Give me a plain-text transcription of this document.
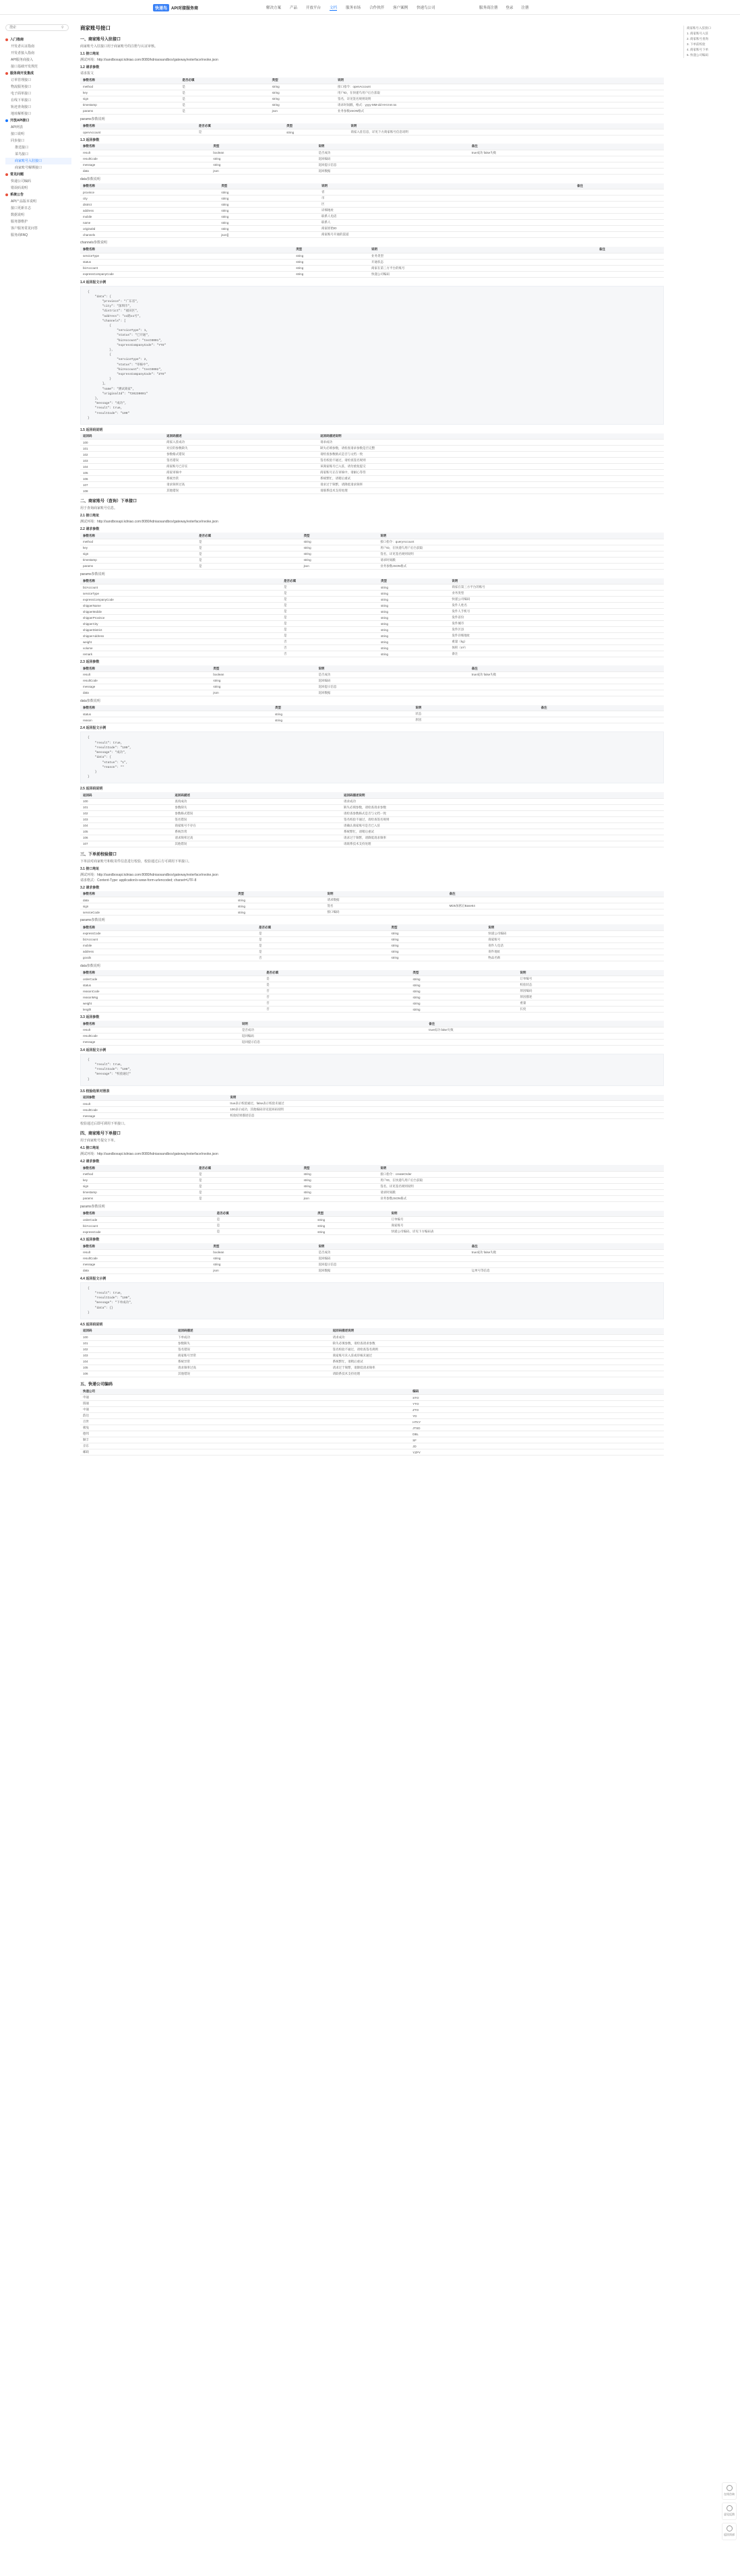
快递鸟	API对接服务商	解决方案 产品 开放平台 文档 服务市场 合作伙伴 客户案例 快递鸟公司	服务商注册 登录 注册
搜索
⚲
入门指南
开发者认证指南
开发者接入指南
API服务商接入
接口基础开发规范
服务商开发集成
订单管理接口
物流服务接口
电子面单接口
在线下单接口
轨迹查询接口
地址解析接口
开放API接口
API列表
接口说明
同步接口
推送接口
菜鸟接口
商家账号入驻接口
商家账号解绑接口
常见问题
快递公司编码
错误码说明
系统公告
API产品版本说明
接口更新日志
数据说明
服务器维护
客户服务常见问答
服务商FAQ
商家账号接口
一、商家账号入驻接口
商家账号入驻接口用于商家账号的注册与认证审核。
1.1 接口地址
测试环境：http://sandboxapi.kdniao.com:8080/kdniaosandbox/gateway/exterfaceInvoke.json
1.2 请求参数
请求报文
参数名称	是否必填	类型	说明
method	是	string	接口指令：openAccount
key	是	string	用户ID，在快递鸟用户后台获取
sign	是	string	签名，详见签名规则说明
timestamp	是	string	请求时间戳，格式：yyyy-MM-dd HH:mm:ss
params	是	json	业务参数JSON格式
params参数说明
参数名称	是否必填	类型	说明
openAccount	是	string	商家入驻信息，详见下方商家账号信息说明
1.3 返回参数
参数名称	类型	说明	备注
result	boolean	是否成功	true成功 false失败
resultCode	string	返回编码	
message	string	返回提示信息	
data	json	返回数据	
data参数说明
参数名称	类型	说明	备注
province	string	省	
city	string	市	
district	string	区	
address	string	详细地址	
mobile	string	联系人电话	
name	string	联系人	
originalId	string	商家原始ID	
channels	json[]	商家账号开通的渠道	
channels参数说明
参数名称	类型	说明	备注
serviceType	string	业务类型	
status	string	开通状态	
bizAccount	string	商家在第三方平台的账号	
expressCompanyCode	string	快递公司编码	
1.4 返回报文示例
{
"data": {
"province": "广东省",
"city": "深圳市",
"district": "福田区",
"address": "xx路xx号",
"channels": [
{
"serviceType": 1,
"status": "已开通",
"bizAccount": "test0001",
"expressCompanyCode": "YTO"
},
{
"serviceType": 2,
"status": "审核中",
"bizAccount": "test0002",
"expressCompanyCode": "ZTO"
}
],
"name": "测试商家",
"originalId": "T20230001"
},
"message": "成功",
"result": true,
"resultCode": "100"
}
1.5 返回码说明
返回码	返回码描述	返回码描述说明
100	商家入驻成功	请求成功
101	对应的参数缺失	缺失必填参数，请检查请求参数是否完整
102	参数格式错误	请检查参数格式是否与文档一致
103	签名错误	签名校验不通过，请检查签名规则
104	商家账号已存在	该商家账号已入驻，请勿重复提交
105	商家审核中	商家账号正在审核中，请耐心等待
106	系统异常	系统繁忙，请稍后重试
107	请求频率过高	请求过于频繁，请降低请求频率
108	其他错误	请联系技术支持处理
二、商家账号（查询）下单接口
用于查询商家账号信息。
2.1 接口地址
测试环境：http://sandboxapi.kdniao.com:8080/kdniaosandbox/gateway/exterfaceInvoke.json
2.2 请求参数
参数名称	是否必填	类型	说明
method	是	string	接口指令：queryAccount
key	是	string	用户ID，在快递鸟用户后台获取
sign	是	string	签名，详见签名规则说明
timestamp	是	string	请求时间戳
params	是	json	业务参数JSON格式
params参数说明
参数名称	是否必填	类型	说明
bizAccount	是	string	商家在第三方平台的账号
serviceType	是	string	业务类型
expressCompanyCode	是	string	快递公司编码
shipperName	是	string	发件人姓名
shipperMobile	是	string	发件人手机号
shipperProvince	是	string	发件省份
shipperCity	是	string	发件城市
shipperDistrict	是	string	发件区县
shipperAddress	是	string	发件详细地址
weight	否	string	重量（kg）
volume	否	string	体积（m³）
remark	否	string	备注
2.3 返回参数
参数名称	类型	说明	备注
result	boolean	是否成功	true成功 false失败
resultCode	string	返回编码	
message	string	返回提示信息	
data	json	返回数据	
data参数说明
参数名称	类型	说明	备注
status	string	状态	
reason	string	原因	
2.4 返回报文示例
{
"result": true,
"resultCode": "100",
"message": "成功",
"data": {
"status": "1",
"reason": ""
}
}
2.5 返回码说明
返回码	返回码描述	返回码描述说明
100	查询成功	请求成功
101	参数缺失	缺失必填参数，请检查请求参数
102	参数格式错误	请检查参数格式是否与文档一致
103	签名错误	签名校验不通过，请检查签名规则
104	商家账号不存在	请确认商家账号是否已入驻
105	系统异常	系统繁忙，请稍后重试
106	请求频率过高	请求过于频繁，请降低请求频率
107	其他错误	请联系技术支持处理
三、下单前校验接口
下单前对商家账号和收寄件信息进行校验，校验通过后方可调用下单接口。
3.1 接口地址
测试环境：http://sandboxapi.kdniao.com:8080/kdniaosandbox/gateway/exterfaceInvoke.json
请求格式：Content-Type: application/x-www-form-urlencoded; charset=UTF-8
3.2 请求参数
参数名称	类型	说明	备注
data	string	请求数据	
sign	string	签名	MD5加密后Base64
serviceCode	string	接口编码	
params参数说明
参数名称	是否必填	类型	说明
expressCode	是	string	快递公司编码
bizAccount	是	string	商家账号
mobile	是	string	寄件人电话
address	是	string	寄件地址
goods	否	string	物品名称
data参数说明
参数名称	是否必填	类型	说明
orderCode	是	string	订单编号
status	是	string	校验状态
reasonCode	否	string	原因编码
reasonMsg	否	string	原因描述
weight	否	string	重量
length	否	string	长度
3.3 返回参数
参数名称	说明	备注
result	是否成功	true成功 false失败
resultCode	返回编码	
message	返回提示信息	
3.4 返回报文示例
{
"result": true,
"resultCode": "100",
"message": "校验通过"
}
3.5 校验结果对照表
返回参数	说明
result	true表示校验通过，false表示校验未通过
resultCode	100表示成功，其他编码详见返回码说明
message	校验结果描述信息
校验通过后即可调用下单接口。
四、商家账号下单接口
用于商家账号提交下单。
4.1 接口地址
测试环境：http://sandboxapi.kdniao.com:8080/kdniaosandbox/gateway/exterfaceInvoke.json
4.2 请求参数
参数名称	是否必填	类型	说明
method	是	string	接口指令：createOrder
key	是	string	用户ID，在快递鸟用户后台获取
sign	是	string	签名，详见签名规则说明
timestamp	是	string	请求时间戳
params	是	json	业务参数JSON格式
params参数说明
参数名称	是否必填	类型	说明
orderCode	是	string	订单编号
bizAccount	是	string	商家账号
expressCode	是	string	快递公司编码，详见下方编码表
4.3 返回参数
参数名称	类型	说明	备注
result	boolean	是否成功	true成功 false失败
resultCode	string	返回编码	
message	string	返回提示信息	
data	json	返回数据	运单号等信息
4.4 返回报文示例
{
"result": true,
"resultCode": "100",
"message": "下单成功",
"data": {}
}
4.5 返回码说明
返回码	返回码描述	返回码描述说明
100	下单成功	请求成功
101	参数缺失	缺失必填参数，请检查请求参数
102	签名错误	签名校验不通过，请检查签名规则
103	商家账号异常	商家账号未入驻或审核未通过
104	系统异常	系统繁忙，请稍后重试
105	请求频率过高	请求过于频繁，请降低请求频率
106	其他错误	请联系技术支持处理
五、快递公司编码
快递公司	编码
申通	STO
圆通	YTO
中通	ZTO
韵达	YD
百世	HTKY
极兔	JTSD
德邦	DBL
顺丰	SF
京东	JD
邮政	YZPY
商家账号入驻接口
1. 商家账号入驻
2. 商家账号查询
3. 下单前校验
4. 商家账号下单
5. 快递公司编码
在线咨询
意见反馈
返回顶部
